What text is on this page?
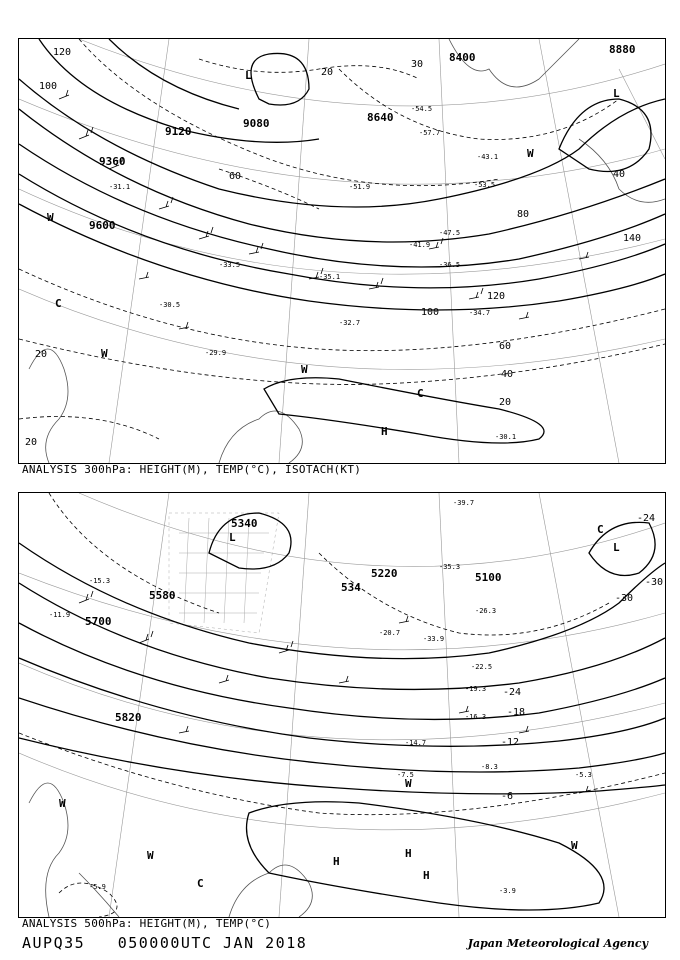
9120
9360
9600
8400
8640
8880
9080
120
100
20
40
60
80
100
120
140
60
40
20
30
20
20
-31.1
-33.5
-35.1
-36.5
-41.9
-47.5
-51.9	-53.5
-54.5
-57.7
-43.1
-34.7
-32.7
-30.5
-29.9
-30.1
L
L
H
C
C
W
W
W
W
ANALYSIS 300hPa: HEIGHT(M), TEMP(°C), ISOTACH(KT)
5340
5580
5700
5820
5220	5100
534
-24
-30
-30
-24
-18
-12
-6
-39.7
-35.3
-33.9
-26.3
-22.5
-19.3
-16.3
-14.7
-7.5
-8.3
-5.3
-3.9
-11.9
-15.3
-20.7
-5.9
L
L
H
H
H
C
C
W
W
W
W
ANALYSIS 500hPa: HEIGHT(M), TEMP(°C)
AUPQ35 050000UTC JAN 2018	Japan Meteorological Agency
